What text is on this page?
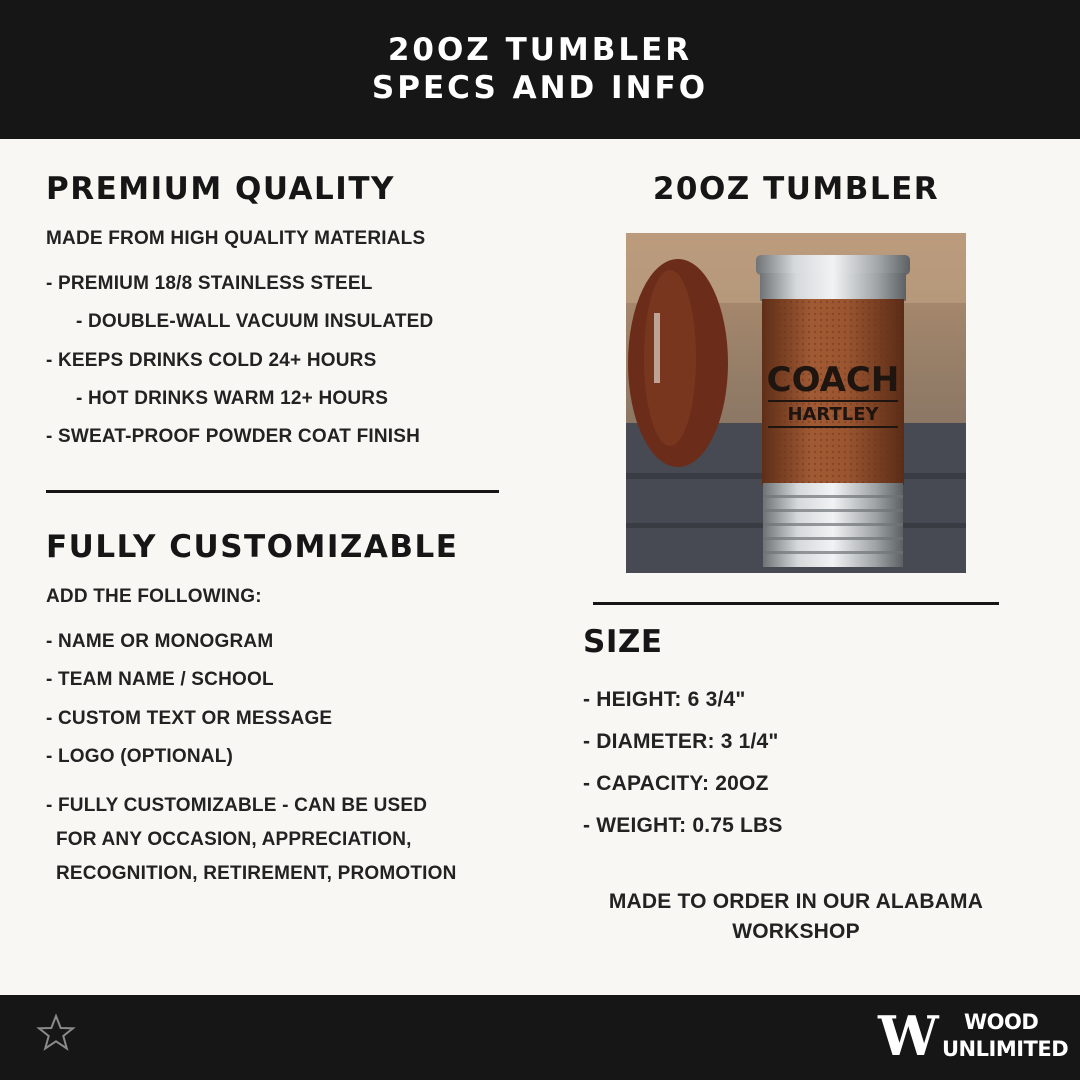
20OZ TUMBLER
SPECS AND INFO
PREMIUM QUALITY
MADE FROM HIGH QUALITY MATERIALS
- PREMIUM 18/8 STAINLESS STEEL
- DOUBLE-WALL VACUUM INSULATED
- KEEPS DRINKS COLD 24+ HOURS
- HOT DRINKS WARM 12+ HOURS
- SWEAT-PROOF POWDER COAT FINISH
FULLY CUSTOMIZABLE
ADD THE FOLLOWING:
- NAME OR MONOGRAM
- TEAM NAME / SCHOOL
- CUSTOM TEXT OR MESSAGE
- LOGO (OPTIONAL)
- FULLY CUSTOMIZABLE - CAN BE USED
FOR ANY OCCASION, APPRECIATION,
RECOGNITION, RETIREMENT, PROMOTION
20OZ TUMBLER
COACH
HARTLEY
SIZE
- HEIGHT: 6 3/4"
- DIAMETER: 3 1/4"
- CAPACITY: 20OZ
- WEIGHT: 0.75 LBS
MADE TO ORDER IN OUR ALABAMA
WORKSHOP
W	WOOD
UNLIMITED
